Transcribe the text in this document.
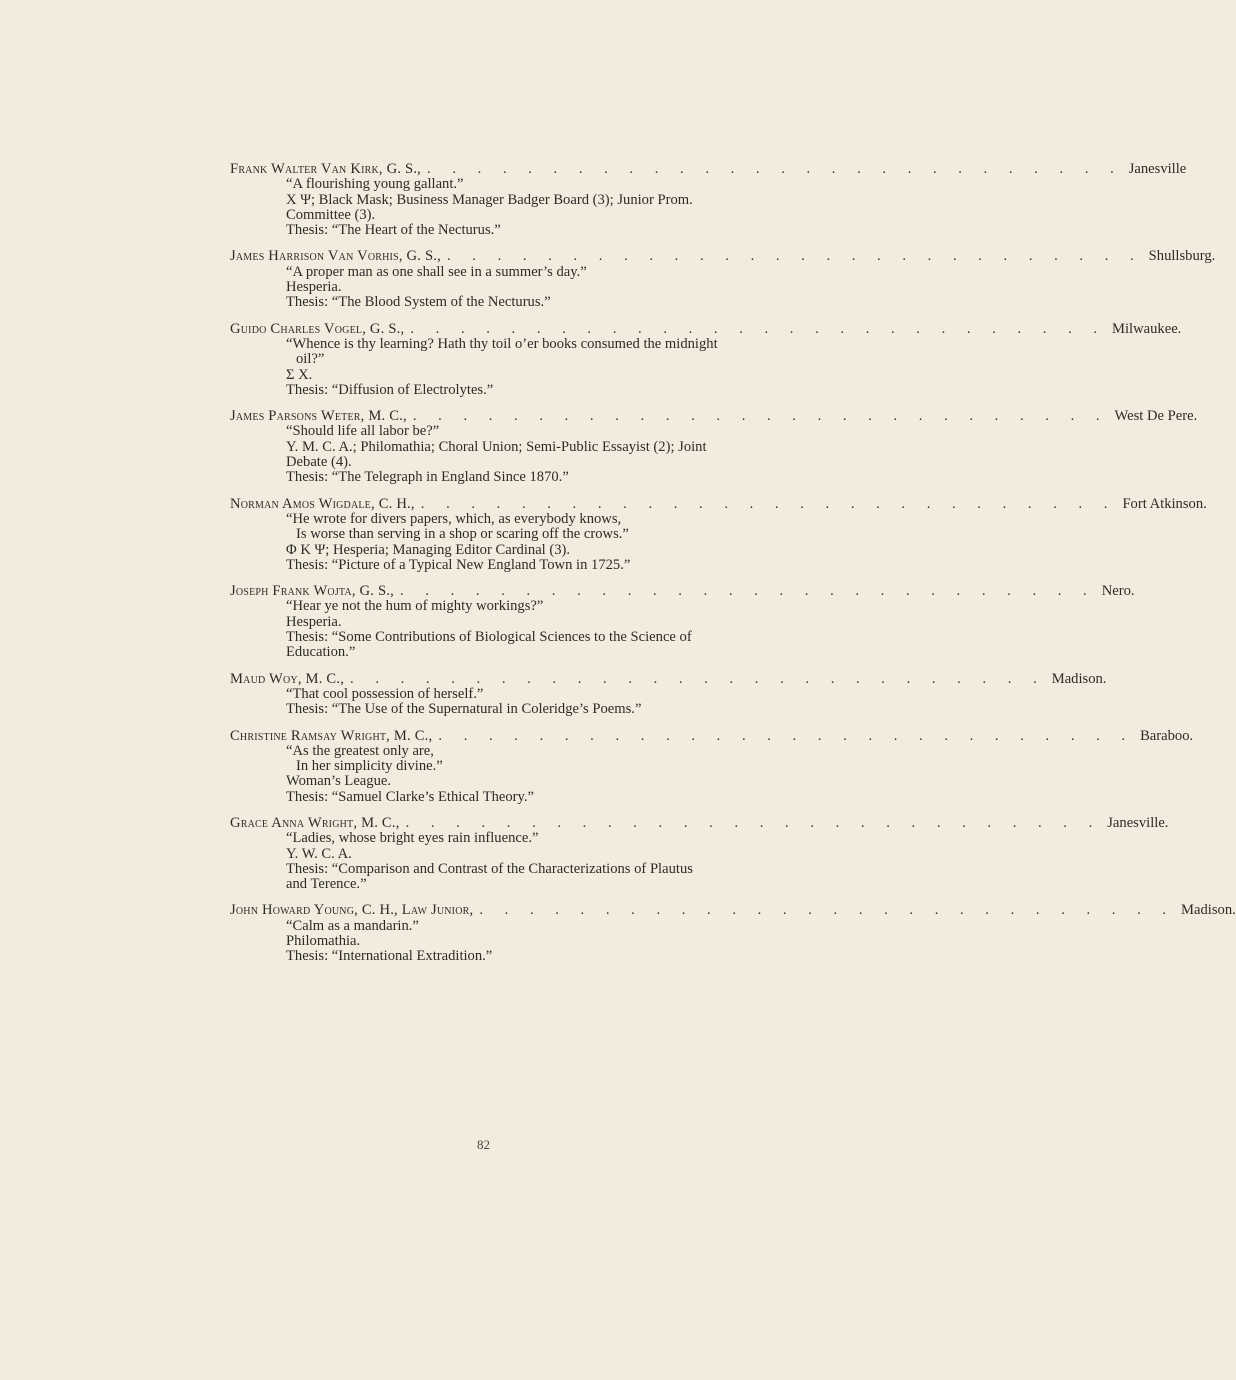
Frank Walter Van Kirk, G. S., . . . . . . . . . . . . . . . . . . . . . . . . . . . . Janesville
“A flourishing young gallant.”
Χ Ψ; Black Mask; Business Manager Badger Board (3); Junior Prom.
Committee (3).
Thesis: “The Heart of the Necturus.”
James Harrison Van Vorhis, G. S., . . . . . . . . . . . . . . . . . . . . . . . . . . . . Shullsburg.
“A proper man as one shall see in a summer’s day.”
Hesperia.
Thesis: “The Blood System of the Necturus.”
Guido Charles Vogel, G. S., . . . . . . . . . . . . . . . . . . . . . . . . . . . . Milwaukee.
“Whence is thy learning? Hath thy toil o’er books consumed the midnight
oil?”
Σ Χ.
Thesis: “Diffusion of Electrolytes.”
James Parsons Weter, M. C., . . . . . . . . . . . . . . . . . . . . . . . . . . . . West De Pere.
“Should life all labor be?”
Y. M. C. A.; Philomathia; Choral Union; Semi-Public Essayist (2); Joint
Debate (4).
Thesis: “The Telegraph in England Since 1870.”
Norman Amos Wigdale, C. H., . . . . . . . . . . . . . . . . . . . . . . . . . . . . Fort Atkinson.
“He wrote for divers papers, which, as everybody knows,
Is worse than serving in a shop or scaring off the crows.”
Φ Κ Ψ; Hesperia; Managing Editor Cardinal (3).
Thesis: “Picture of a Typical New England Town in 1725.”
Joseph Frank Wojta, G. S., . . . . . . . . . . . . . . . . . . . . . . . . . . . . Nero.
“Hear ye not the hum of mighty workings?”
Hesperia.
Thesis: “Some Contributions of Biological Sciences to the Science of
Education.”
Maud Woy, M. C., . . . . . . . . . . . . . . . . . . . . . . . . . . . . Madison.
“That cool possession of herself.”
Thesis: “The Use of the Supernatural in Coleridge’s Poems.”
Christine Ramsay Wright, M. C., . . . . . . . . . . . . . . . . . . . . . . . . . . . . Baraboo.
“As the greatest only are,
In her simplicity divine.”
Woman’s League.
Thesis: “Samuel Clarke’s Ethical Theory.”
Grace Anna Wright, M. C., . . . . . . . . . . . . . . . . . . . . . . . . . . . . Janesville.
“Ladies, whose bright eyes rain influence.”
Y. W. C. A.
Thesis: “Comparison and Contrast of the Characterizations of Plautus
and Terence.”
John Howard Young, C. H., Law Junior, . . . . . . . . . . . . . . . . . . . . . . . . . . . . Madison.
“Calm as a mandarin.”
Philomathia.
Thesis: “International Extradition.”
82
